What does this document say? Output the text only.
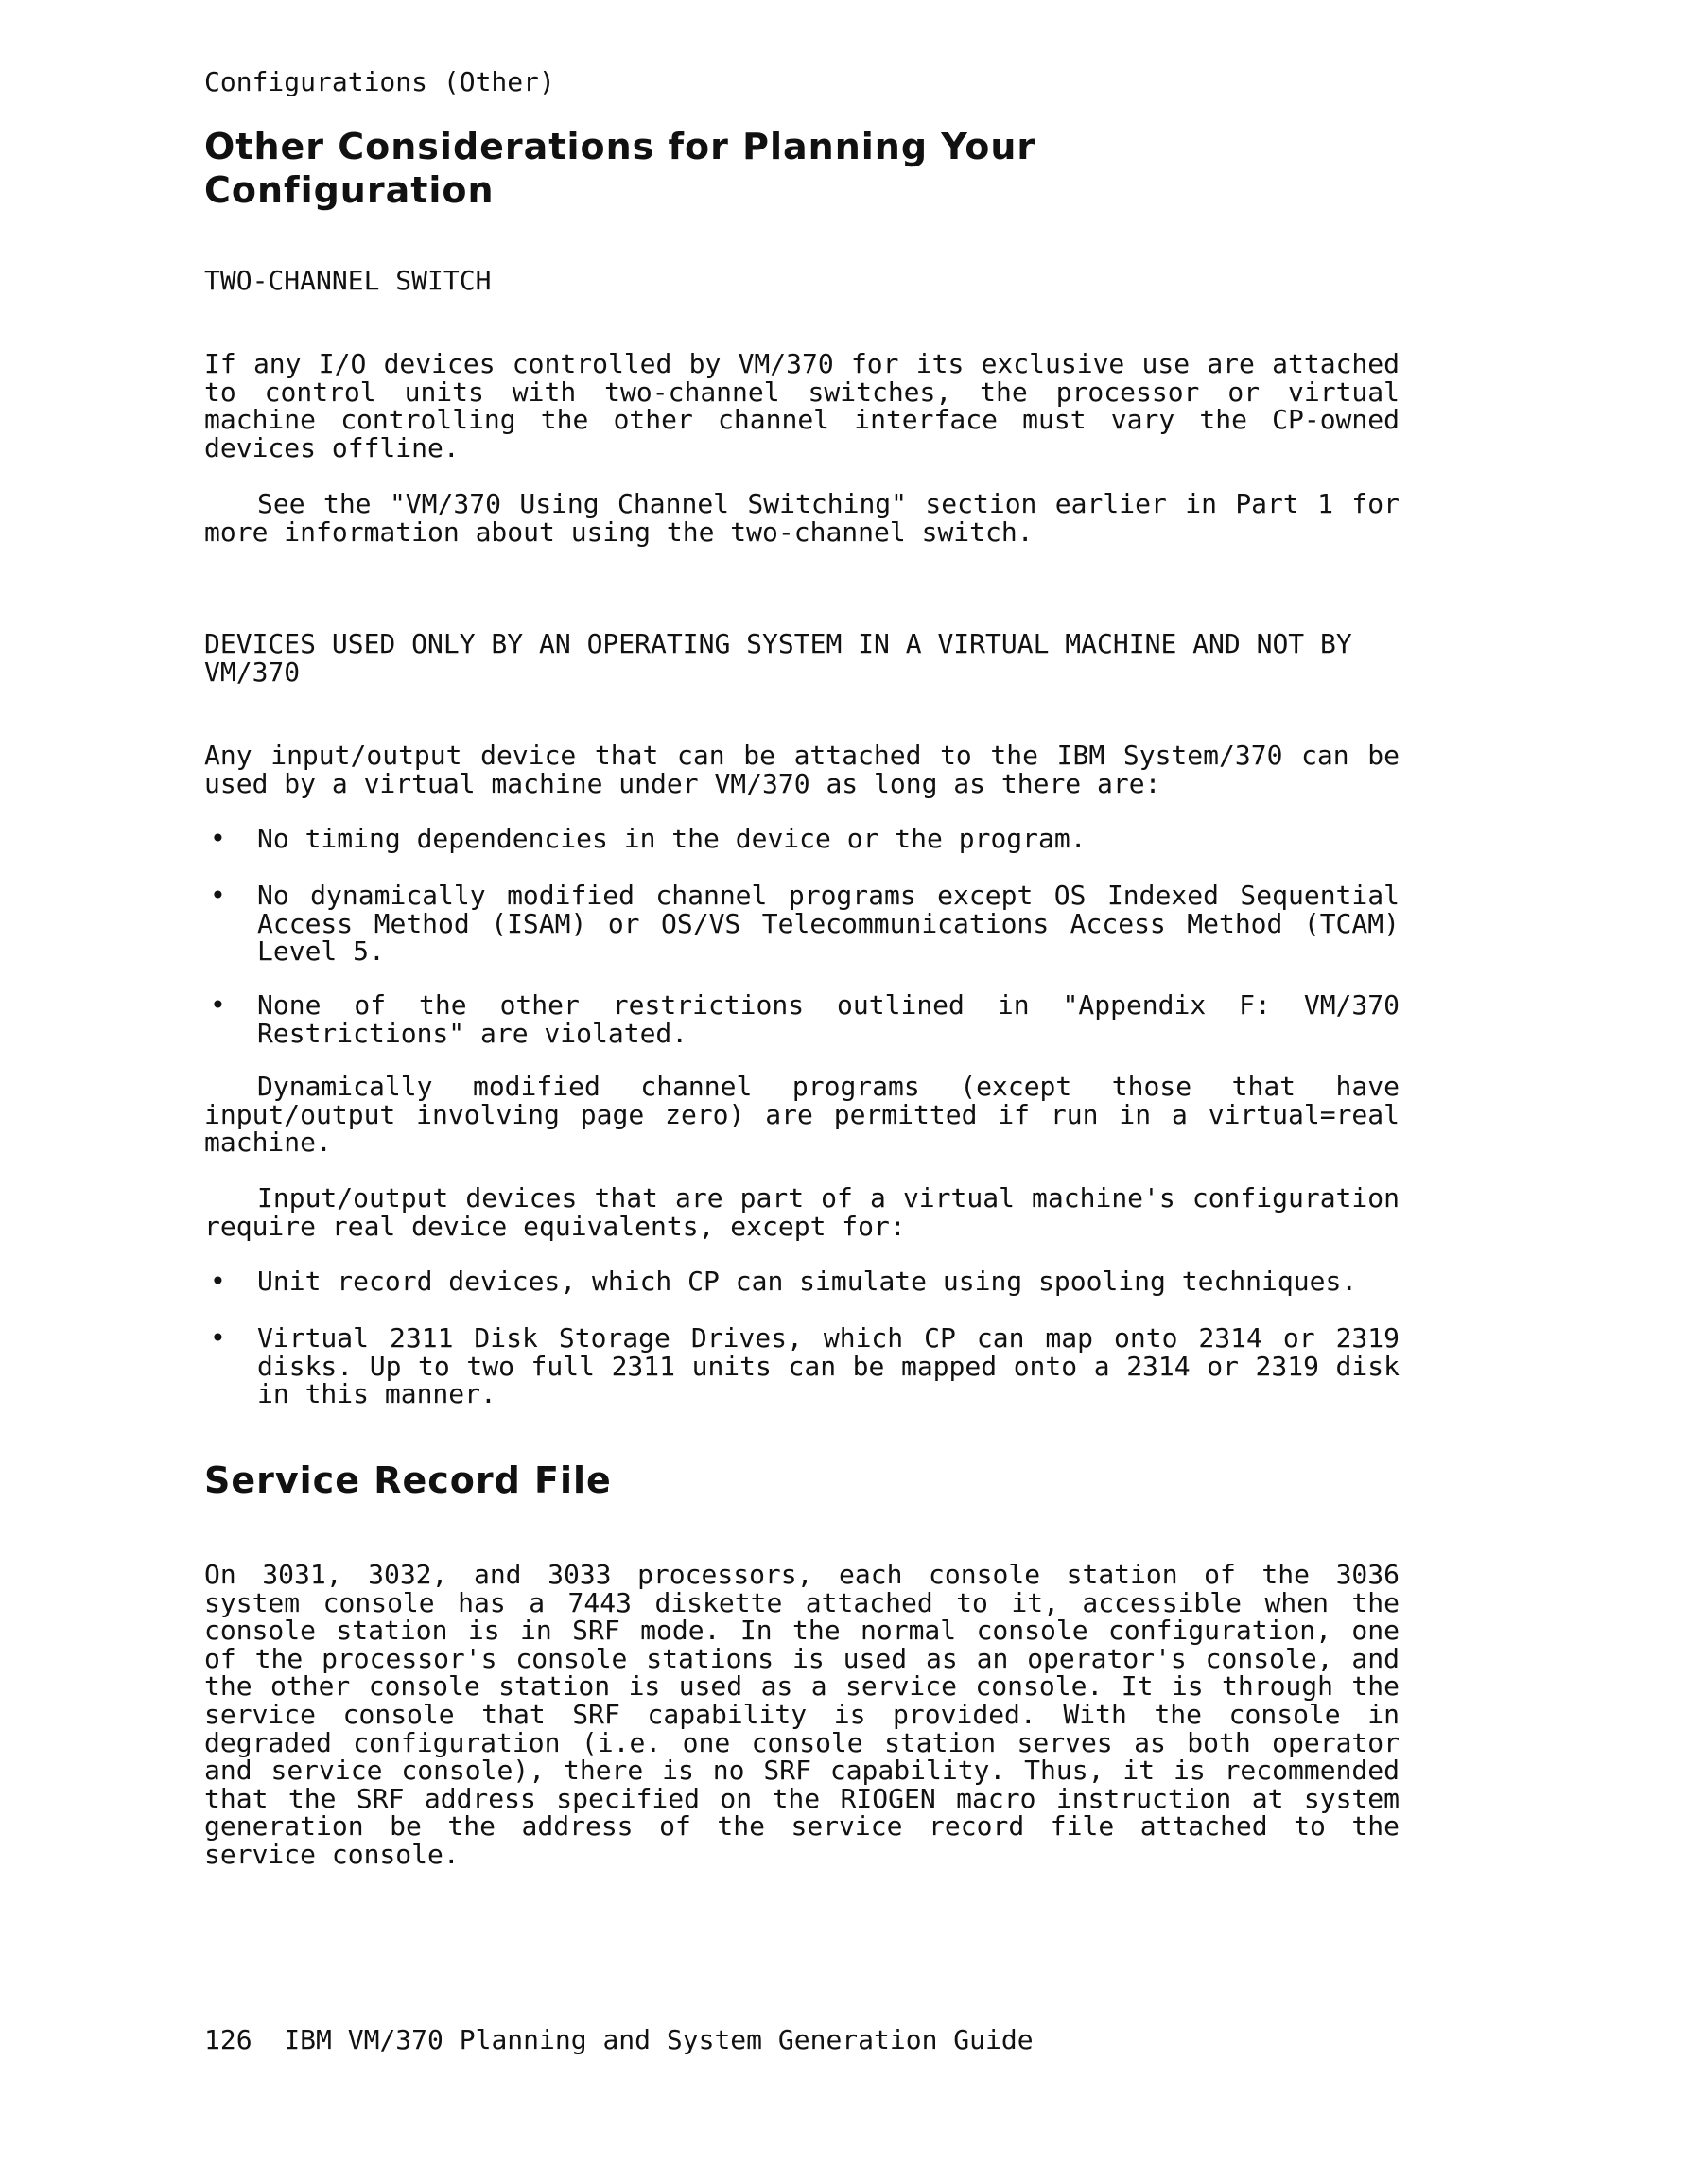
Configurations (Other)
Other Considerations for Planning Your Configuration
TWO-CHANNEL SWITCH

If any I/O devices controlled by VM/370 for its exclusive use are attached to control units with two-channel switches, the processor or virtual machine controlling the other channel interface must vary the CP-owned devices offline.

See the "VM/370 Using Channel Switching" section earlier in Part 1 for more information about using the two-channel switch.

DEVICES USED ONLY BY AN OPERATING SYSTEM IN A VIRTUAL MACHINE AND NOT BY VM/370

Any input/output device that can be attached to the IBM System/370 can be used by a virtual machine under VM/370 as long as there are:

• No timing dependencies in the device or the program.
• No dynamically modified channel programs except OS Indexed Sequential Access Method (ISAM) or OS/VS Telecommunications Access Method (TCAM) Level 5.
• None of the other restrictions outlined in "Appendix F: VM/370 Restrictions" are violated.

Dynamically modified channel programs (except those that have input/output involving page zero) are permitted if run in a virtual=real machine.

Input/output devices that are part of a virtual machine's configuration require real device equivalents, except for:

• Unit record devices, which CP can simulate using spooling techniques.
• Virtual 2311 Disk Storage Drives, which CP can map onto 2314 or 2319 disks. Up to two full 2311 units can be mapped onto a 2314 or 2319 disk in this manner.
Service Record File

On 3031, 3032, and 3033 processors, each console station of the 3036 system console has a 7443 diskette attached to it, accessible when the console station is in SRF mode. In the normal console configuration, one of the processor's console stations is used as an operator's console, and the other console station is used as a service console. It is through the service console that SRF capability is provided. With the console in degraded configuration (i.e. one console station serves as both operator and service console), there is no SRF capability. Thus, it is recommended that the SRF address specified on the RIOGEN macro instruction at system generation be the address of the service record file attached to the service console.

126 IBM VM/370 Planning and System Generation Guide
